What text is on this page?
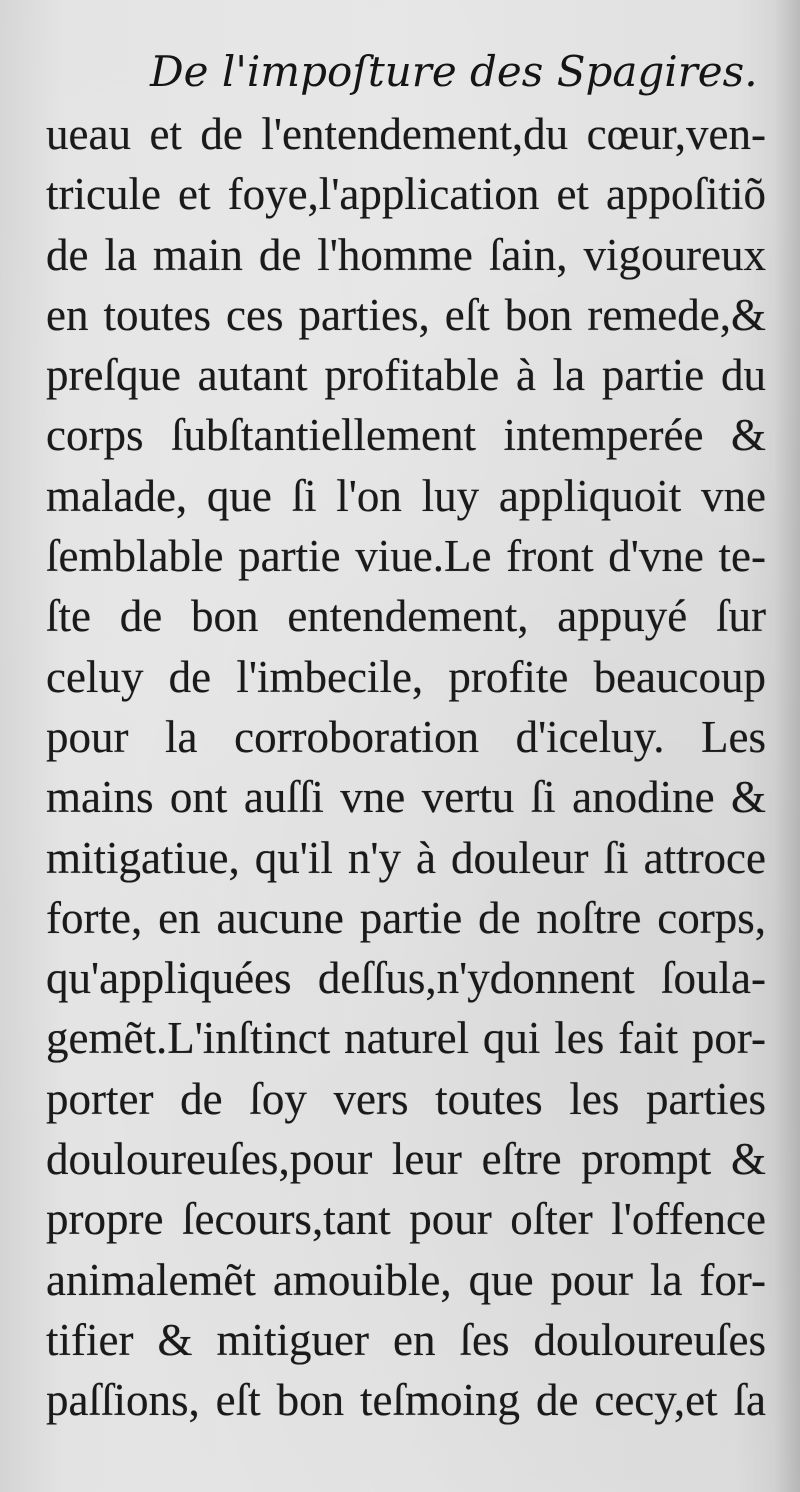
De l'impoſture des Spagires.
ueau et de l'entendement,du cœur,ven-
tricule et foye,l'application et appoſitiõ
de la main de l'homme ſain, vigoureux
en toutes ces parties, eſt bon remede,&
preſque autant profitable à la partie du
corps ſubſtantiellement intemperée &
malade, que ſi l'on luy appliquoit vne
ſemblable partie viue.Le front d'vne te-
ſte de bon entendement, appuyé ſur
celuy de l'imbecile, profite beaucoup
pour la corroboration d'iceluy. Les
mains ont auſſi vne vertu ſi anodine &
mitigatiue, qu'il n'y à douleur ſi attroce
forte, en aucune partie de noſtre corps,
qu'appliquées deſſus,n'ydonnent ſoula-
gemẽt.L'inſtinct naturel qui les fait por-
porter de ſoy vers toutes les parties
douloureuſes,pour leur eſtre prompt &
propre ſecours,tant pour oſter l'offence
animalemẽt amouible, que pour la for-
tifier & mitiguer en ſes douloureuſes
paſſions, eſt bon teſmoing de cecy,et ſa
